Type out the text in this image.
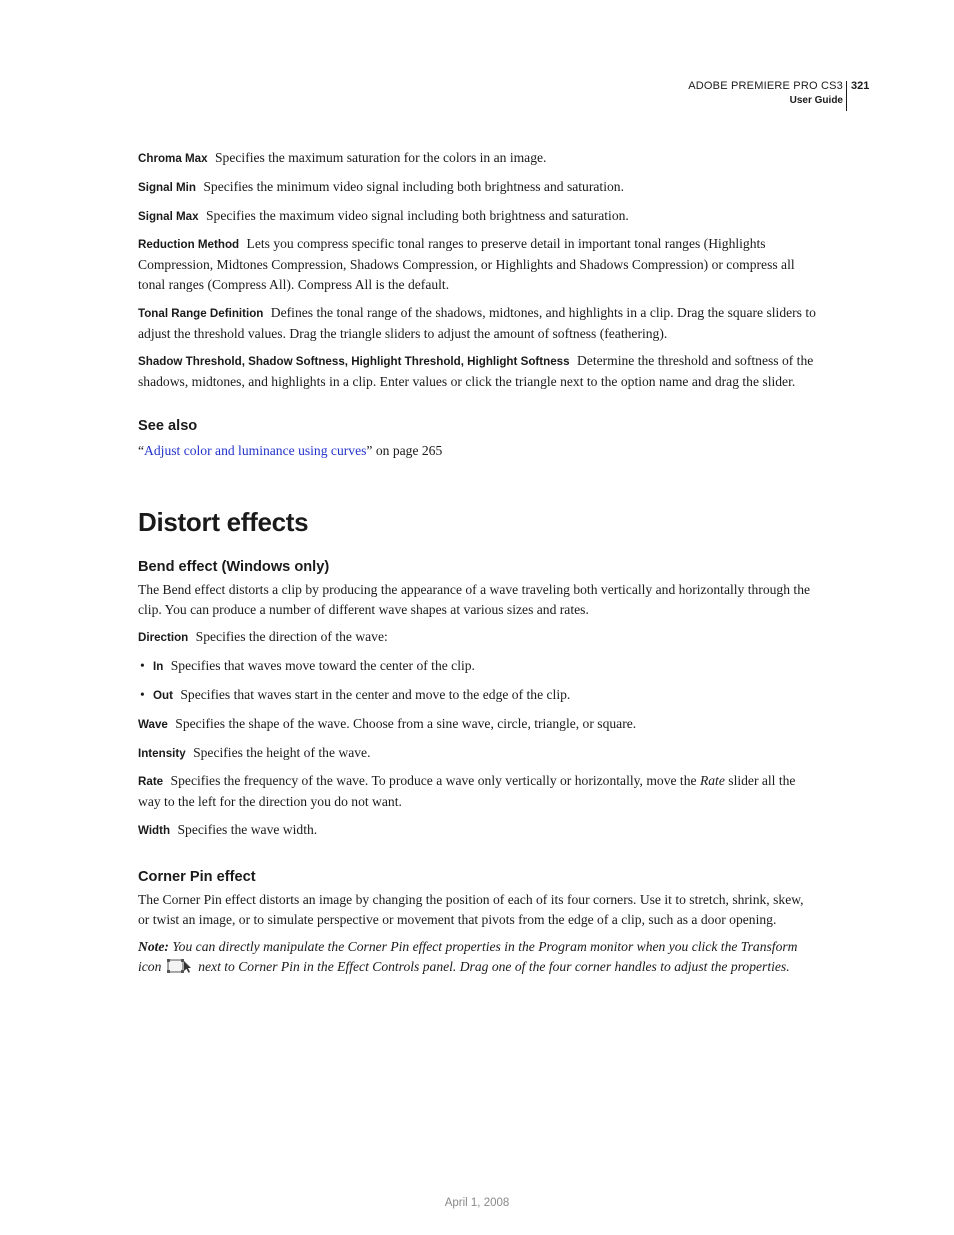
ADOBE PREMIERE PRO CS3
User Guide
321

Chroma Max Specifies the maximum saturation for the colors in an image.

Signal Min Specifies the minimum video signal including both brightness and saturation.

Signal Max Specifies the maximum video signal including both brightness and saturation.

Reduction Method Lets you compress specific tonal ranges to preserve detail in important tonal ranges (Highlights Compression, Midtones Compression, Shadows Compression, or Highlights and Shadows Compression) or compress all tonal ranges (Compress All). Compress All is the default.

Tonal Range Definition Defines the tonal range of the shadows, midtones, and highlights in a clip. Drag the square sliders to adjust the threshold values. Drag the triangle sliders to adjust the amount of softness (feathering).

Shadow Threshold, Shadow Softness, Highlight Threshold, Highlight Softness Determine the threshold and softness of the shadows, midtones, and highlights in a clip. Enter values or click the triangle next to the option name and drag the slider.

See also

“Adjust color and luminance using curves” on page 265

Distort effects
Bend effect (Windows only)

The Bend effect distorts a clip by producing the appearance of a wave traveling both vertically and horizontally through the clip. You can produce a number of different wave shapes at various sizes and rates.

Direction Specifies the direction of the wave:

• In Specifies that waves move toward the center of the clip.

• Out Specifies that waves start in the center and move to the edge of the clip.

Wave Specifies the shape of the wave. Choose from a sine wave, circle, triangle, or square.

Intensity Specifies the height of the wave.

Rate Specifies the frequency of the wave. To produce a wave only vertically or horizontally, move the Rate slider all the way to the left for the direction you do not want.

Width Specifies the wave width.

Corner Pin effect

The Corner Pin effect distorts an image by changing the position of each of its four corners. Use it to stretch, shrink, skew, or twist an image, or to simulate perspective or movement that pivots from the edge of a clip, such as a door opening.

Note: You can directly manipulate the Corner Pin effect properties in the Program monitor when you click the Transform icon  next to Corner Pin in the Effect Controls panel. Drag one of the four corner handles to adjust the properties.

April 1, 2008
